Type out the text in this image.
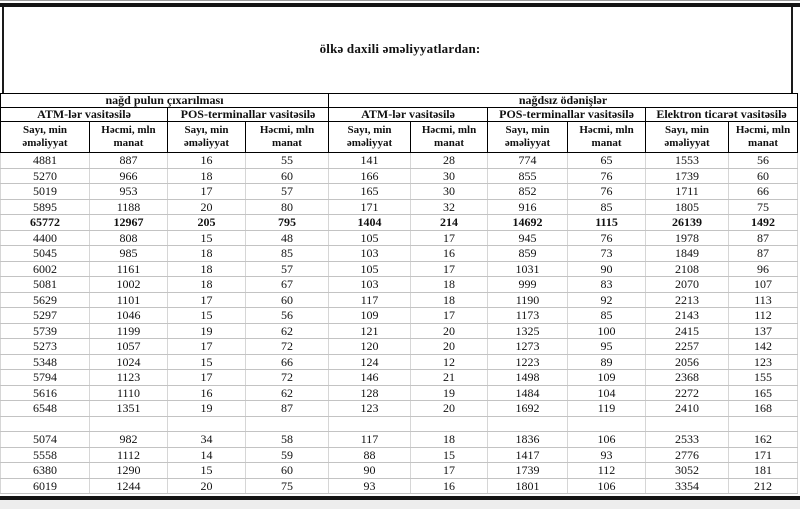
ölkə daxili əməliyyatlardan:
nağd pulun çıxarılması				nağdsız ödənişlər					
ATM-lər vasitəsilə		POS-terminallar vasitəsilə		ATM-lər vasitəsilə		POS-terminallar vasitəsilə		Elektron ticarət vasitəsilə	
Sayı, min əməliyyat	Həcmi, mln manat	Sayı, min əməliyyat	Həcmi, mln manat	Sayı, min əməliyyat	Həcmi, mln manat	Sayı, min əməliyyat	Həcmi, mln manat	Sayı, min əməliyyat	Həcmi, mln manat
4881	887	16	55	141	28	774	65	1553	56
5270	966	18	60	166	30	855	76	1739	60
5019	953	17	57	165	30	852	76	1711	66
5895	1188	20	80	171	32	916	85	1805	75
65772	12967	205	795	1404	214	14692	1115	26139	1492
4400	808	15	48	105	17	945	76	1978	87
5045	985	18	85	103	16	859	73	1849	87
6002	1161	18	57	105	17	1031	90	2108	96
5081	1002	18	67	103	18	999	83	2070	107
5629	1101	17	60	117	18	1190	92	2213	113
5297	1046	15	56	109	17	1173	85	2143	112
5739	1199	19	62	121	20	1325	100	2415	137
5273	1057	17	72	120	20	1273	95	2257	142
5348	1024	15	66	124	12	1223	89	2056	123
5794	1123	17	72	146	21	1498	109	2368	155
5616	1110	16	62	128	19	1484	104	2272	165
6548	1351	19	87	123	20	1692	119	2410	168

5074	982	34	58	117	18	1836	106	2533	162
5558	1112	14	59	88	15	1417	93	2776	171
6380	1290	15	60	90	17	1739	112	3052	181
6019	1244	20	75	93	16	1801	106	3354	212
